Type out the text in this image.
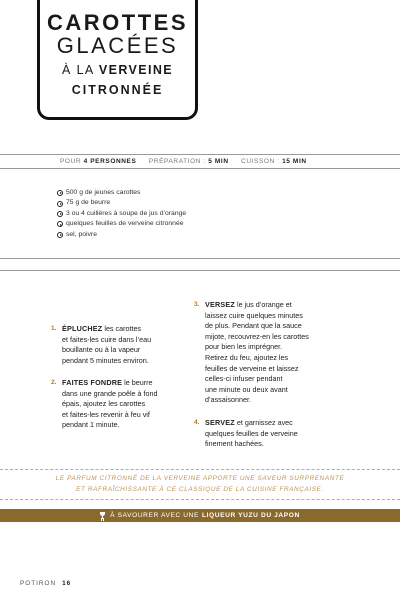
CAROTTES
GLACÉES
À LA VERVEINE
CITRONNÉE
POUR 4 PERSONNES PRÉPARATION : 5 MIN CUISSON : 15 MIN
500 g de jeunes carottes
75 g de beurre
3 ou 4 cuillères à soupe de jus d’orange
quelques feuilles de verveine citronnée
sel, poivre
1. ÉPLUCHEZ les carottes
et faites-les cuire dans l’eau
bouillante ou à la vapeur
pendant 5 minutes environ.
2. FAITES FONDRE le beurre
dans une grande poêle à fond
épais, ajoutez les carottes
et faites-les revenir à feu vif
pendant 1 minute.
3. VERSEZ le jus d’orange et
laissez cuire quelques minutes
de plus. Pendant que la sauce
mijote, recouvrez-en les carottes
pour bien les imprégner.
Retirez du feu, ajoutez les
feuilles de verveine et laissez
celles-ci infuser pendant
une minute ou deux avant
d’assaisonner.
4. SERVEZ et garnissez avec
quelques feuilles de verveine
finement hachées.
LE PARFUM CITRONNÉ DE LA VERVEINE APPORTE UNE SAVEUR SURPRENANTE
ET RAFRAÎCHISSANTE À CE CLASSIQUE DE LA CUISINE FRANÇAISE.
À SAVOURER AVEC UNE LIQUEUR YUZU DU JAPON
POTIRON 16
